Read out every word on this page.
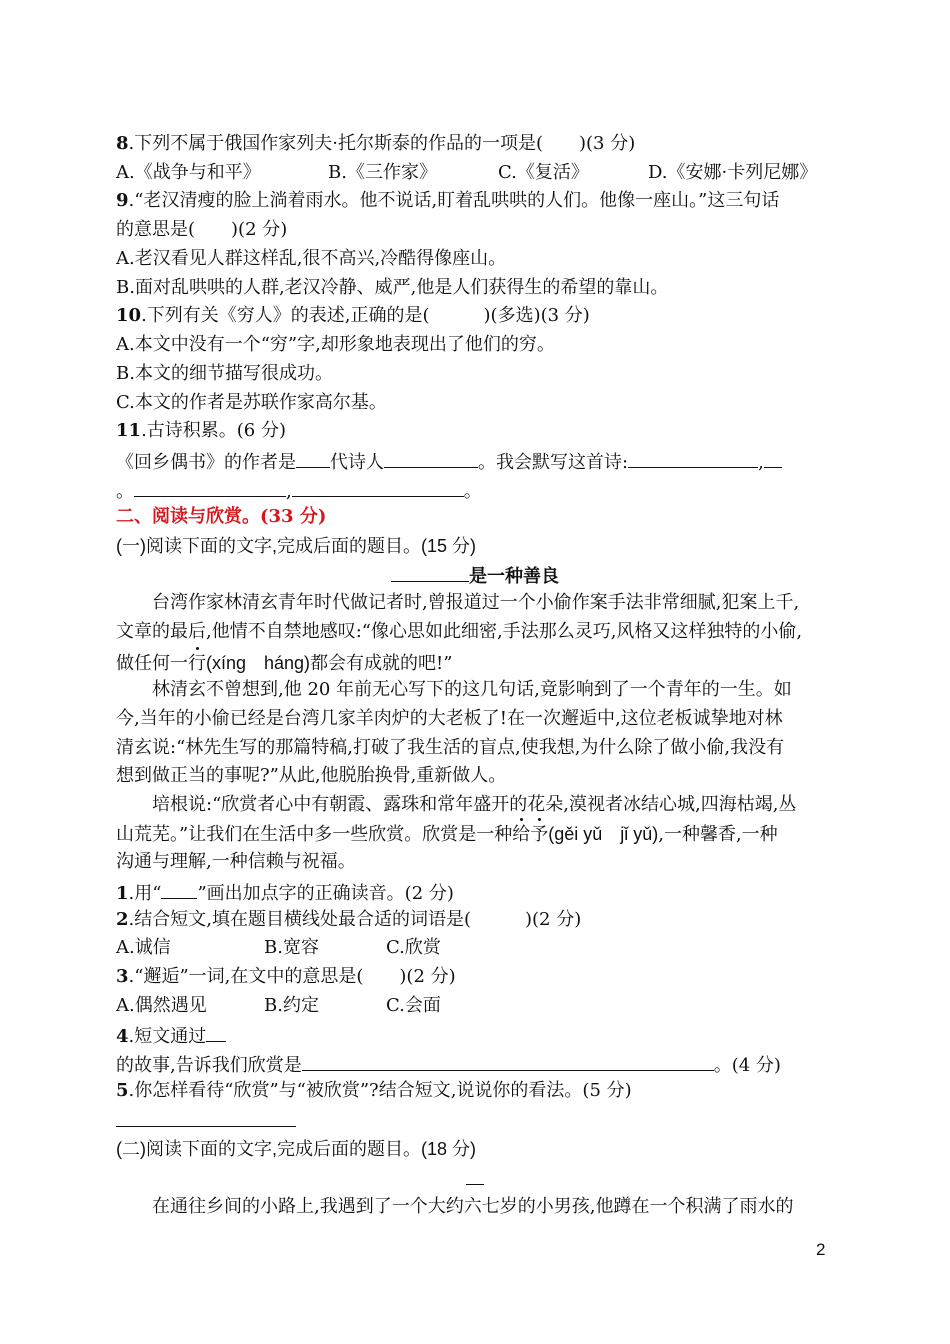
8.下列不属于俄国作家列夫·托尔斯泰的作品的一项是(　　)(3 分)
A.《战争与和平》	B.《三作家》	C.《复活》	D.《安娜·卡列尼娜》
9.“老汉清瘦的脸上淌着雨水。他不说话,盯着乱哄哄的人们。他像一座山。”这三句话
的意思是(　　)(2 分)
A.老汉看见人群这样乱,很不高兴,冷酷得像座山。
B.面对乱哄哄的人群,老汉冷静、威严,他是人们获得生的希望的靠山。
10.下列有关《穷人》的表述,正确的是(　　　)(多选)(3 分)
A.本文中没有一个“穷”字,却形象地表现出了他们的穷。
B.本文的细节描写很成功。
C.本文的作者是苏联作家高尔基。
11.古诗积累。(6 分)
《回乡偶书》的作者是 代诗人	。我会默写这首诗:	,
。	,	。
二、阅读与欣赏。(33 分)
(一)阅读下面的文字,完成后面的题目。(15 分)
是一种善良
台湾作家林清玄青年时代做记者时,曾报道过一个小偷作案手法非常细腻,犯案上千,
文章的最后,他情不自禁地感叹:“像心思如此细密,手法那么灵巧,风格又这样独特的小偷,
做任何一行(xíng　háng)都会有成就的吧!”
林清玄不曾想到,他 20 年前无心写下的这几句话,竟影响到了一个青年的一生。如
今,当年的小偷已经是台湾几家羊肉炉的大老板了!在一次邂逅中,这位老板诚挚地对林
清玄说:“林先生写的那篇特稿,打破了我生活的盲点,使我想,为什么除了做小偷,我没有
想到做正当的事呢?”从此,他脱胎换骨,重新做人。
培根说:“欣赏者心中有朝霞、露珠和常年盛开的花朵,漠视者冰结心城,四海枯竭,丛
山荒芜。”让我们在生活中多一些欣赏。欣赏是一种给予(gěi yǔ　jǐ yǔ),一种馨香,一种
沟通与理解,一种信赖与祝福。
1.用“ ”画出加点字的正确读音。(2 分)
2.结合短文,填在题目横线处最合适的词语是(　　　)(2 分)
A.诚信	B.宽容	C.欣赏
3.“邂逅”一词,在文中的意思是(　　)(2 分)
A.偶然遇见	B.约定	C.会面
4.短文通过
的故事,告诉我们欣赏是	。(4 分)
5.你怎样看待“欣赏”与“被欣赏”?结合短文,说说你的看法。(5 分)
(二)阅读下面的文字,完成后面的题目。(18 分)
在通往乡间的小路上,我遇到了一个大约六七岁的小男孩,他蹲在一个积满了雨水的
2
